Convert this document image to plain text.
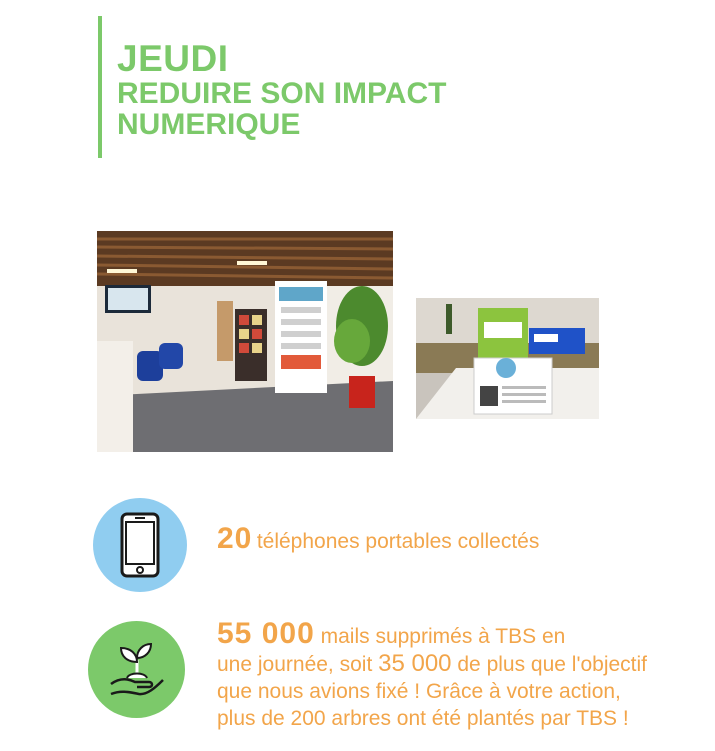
JEUDI
REDUIRE SON IMPACT
NUMERIQUE

20 téléphones portables collectés

55 000 mails supprimés à TBS en
une journée, soit 35 000 de plus que l'objectif
que nous avions fixé ! Grâce à votre action,
plus de 200 arbres ont été plantés par TBS !
